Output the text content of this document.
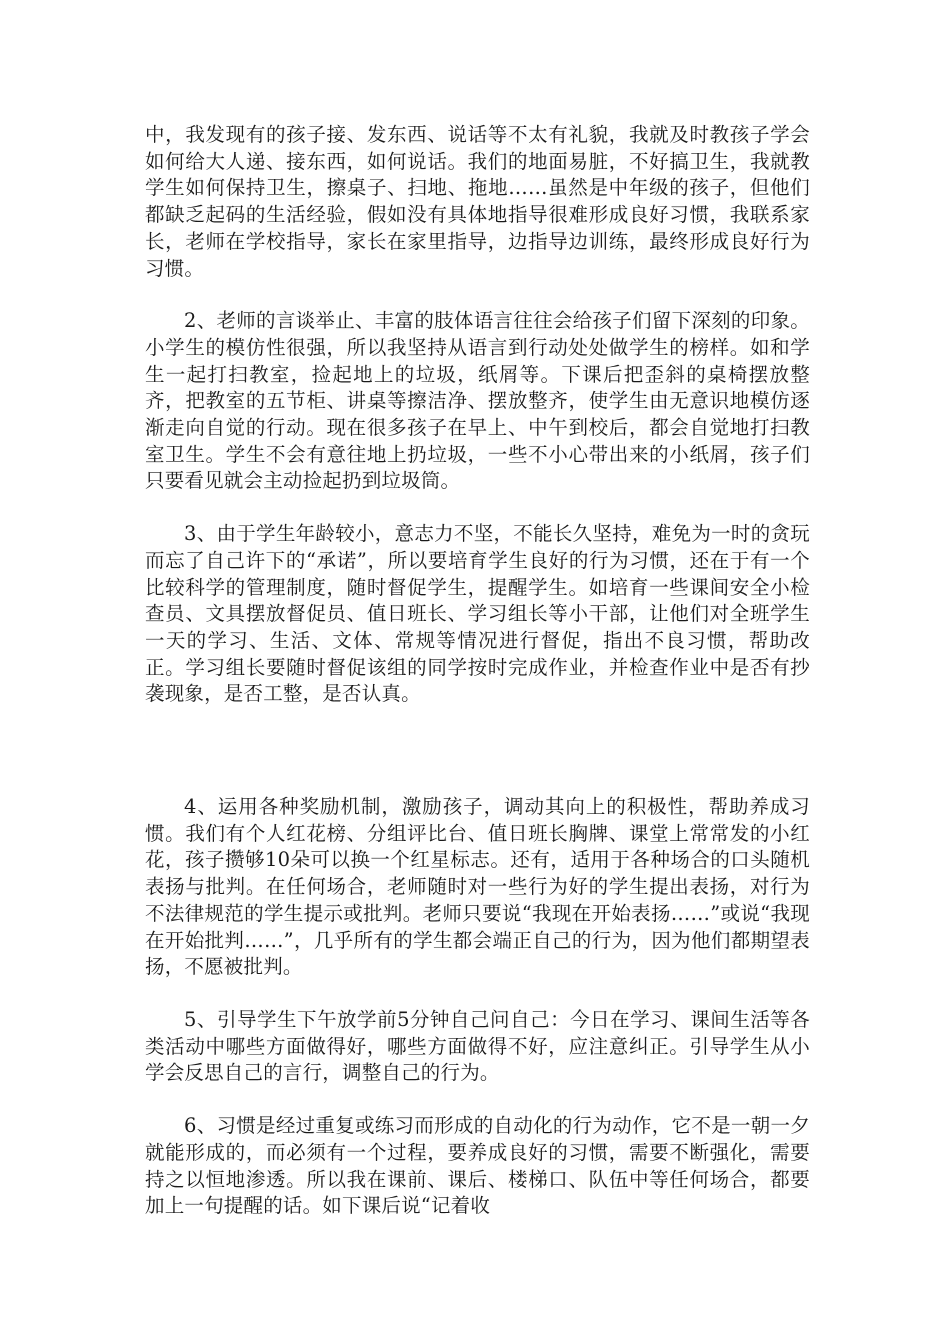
中，我发现有的孩子接、发东西、说话等不太有礼貌，我就及时教孩子学会如何给大人递、接东西，如何说话。我们的地面易脏，不好搞卫生，我就教学生如何保持卫生，擦桌子、扫地、拖地……虽然是中年级的孩子，但他们都缺乏起码的生活经验，假如没有具体地指导很难形成良好习惯，我联系家长，老师在学校指导，家长在家里指导，边指导边训练，最终形成良好行为习惯。

2、老师的言谈举止、丰富的肢体语言往往会给孩子们留下深刻的印象。小学生的模仿性很强，所以我坚持从语言到行动处处做学生的榜样。如和学生一起打扫教室，捡起地上的垃圾，纸屑等。下课后把歪斜的桌椅摆放整齐，把教室的五节柜、讲桌等擦洁净、摆放整齐，使学生由无意识地模仿逐渐走向自觉的行动。现在很多孩子在早上、中午到校后，都会自觉地打扫教室卫生。学生不会有意往地上扔垃圾，一些不小心带出来的小纸屑，孩子们只要看见就会主动捡起扔到垃圾筒。

3、由于学生年龄较小，意志力不坚，不能长久坚持，难免为一时的贪玩而忘了自己许下的“承诺”，所以要培育学生良好的行为习惯，还在于有一个比较科学的管理制度，随时督促学生，提醒学生。如培育一些课间安全小检查员、文具摆放督促员、值日班长、学习组长等小干部，让他们对全班学生一天的学习、生活、文体、常规等情况进行督促，指出不良习惯，帮助改正。学习组长要随时督促该组的同学按时完成作业，并检查作业中是否有抄袭现象，是否工整，是否认真。

4、运用各种奖励机制，激励孩子，调动其向上的积极性，帮助养成习惯。我们有个人红花榜、分组评比台、值日班长胸牌、课堂上常常发的小红花，孩子攒够10朵可以换一个红星标志。还有，适用于各种场合的口头随机表扬与批判。在任何场合，老师随时对一些行为好的学生提出表扬，对行为不法律规范的学生提示或批判。老师只要说“我现在开始表扬……”或说“我现在开始批判……”，几乎所有的学生都会端正自己的行为，因为他们都期望表扬，不愿被批判。

5、引导学生下午放学前5分钟自己问自己：今日在学习、课间生活等各类活动中哪些方面做得好，哪些方面做得不好，应注意纠正。引导学生从小学会反思自己的言行，调整自己的行为。

6、习惯是经过重复或练习而形成的自动化的行为动作，它不是一朝一夕就能形成的，而必须有一个过程，要养成良好的习惯，需要不断强化，需要持之以恒地渗透。所以我在课前、课后、楼梯口、队伍中等任何场合，都要加上一句提醒的话。如下课后说“记着收
